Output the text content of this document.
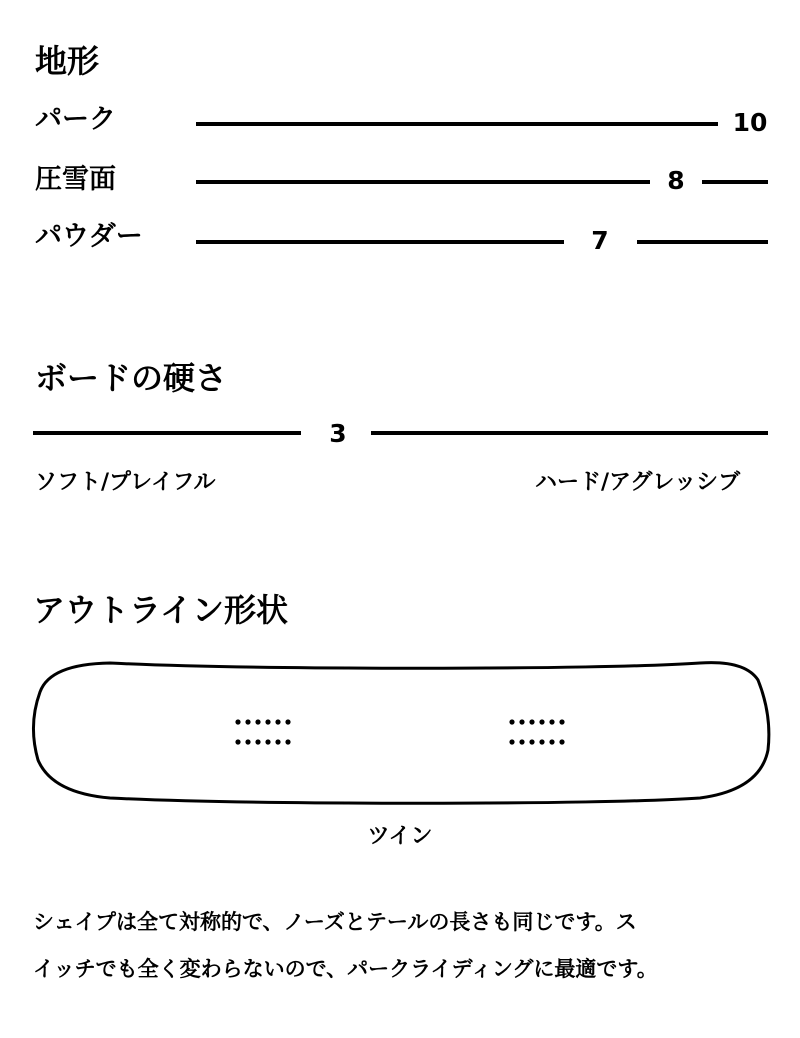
地形
パーク	10
圧雪面	8
パウダー	7
ボードの硬さ
3
ソフト/プレイフル	ハード/アグレッシブ
アウトライン形状
ツイン
シェイプは全て対称的で、ノーズとテールの長さも同じです。ス
イッチでも全く変わらないので、パークライディングに最適です。
